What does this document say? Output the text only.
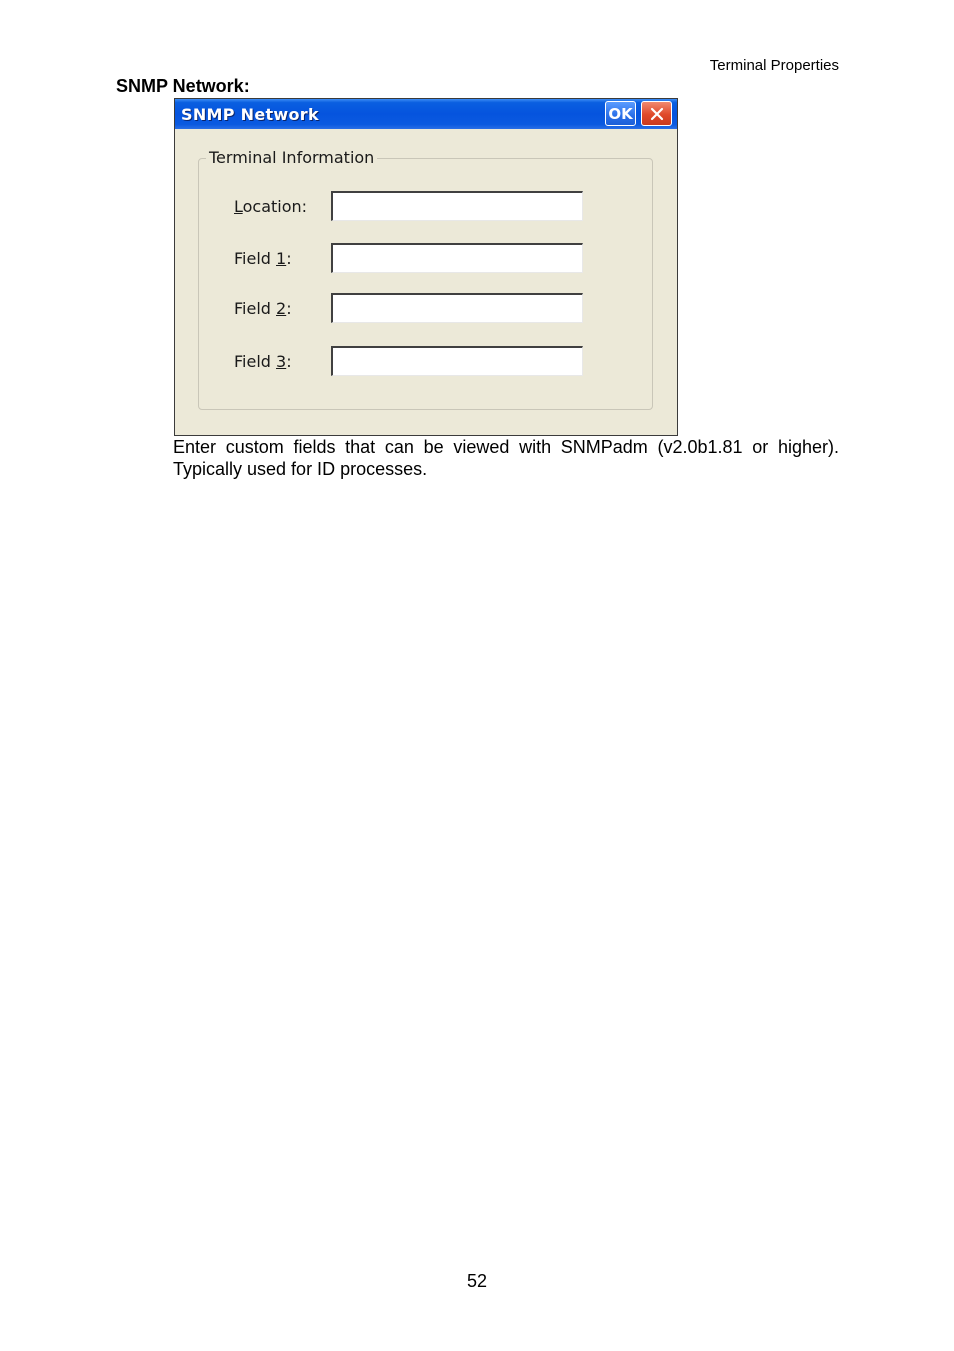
Terminal Properties
SNMP Network:
SNMP Network	OK
Terminal Information
Location:
Field 1:
Field 2:
Field 3:
Enter custom fields that can be viewed with SNMPadm (v2.0b1.81 or higher). Typically used for ID processes.
52
